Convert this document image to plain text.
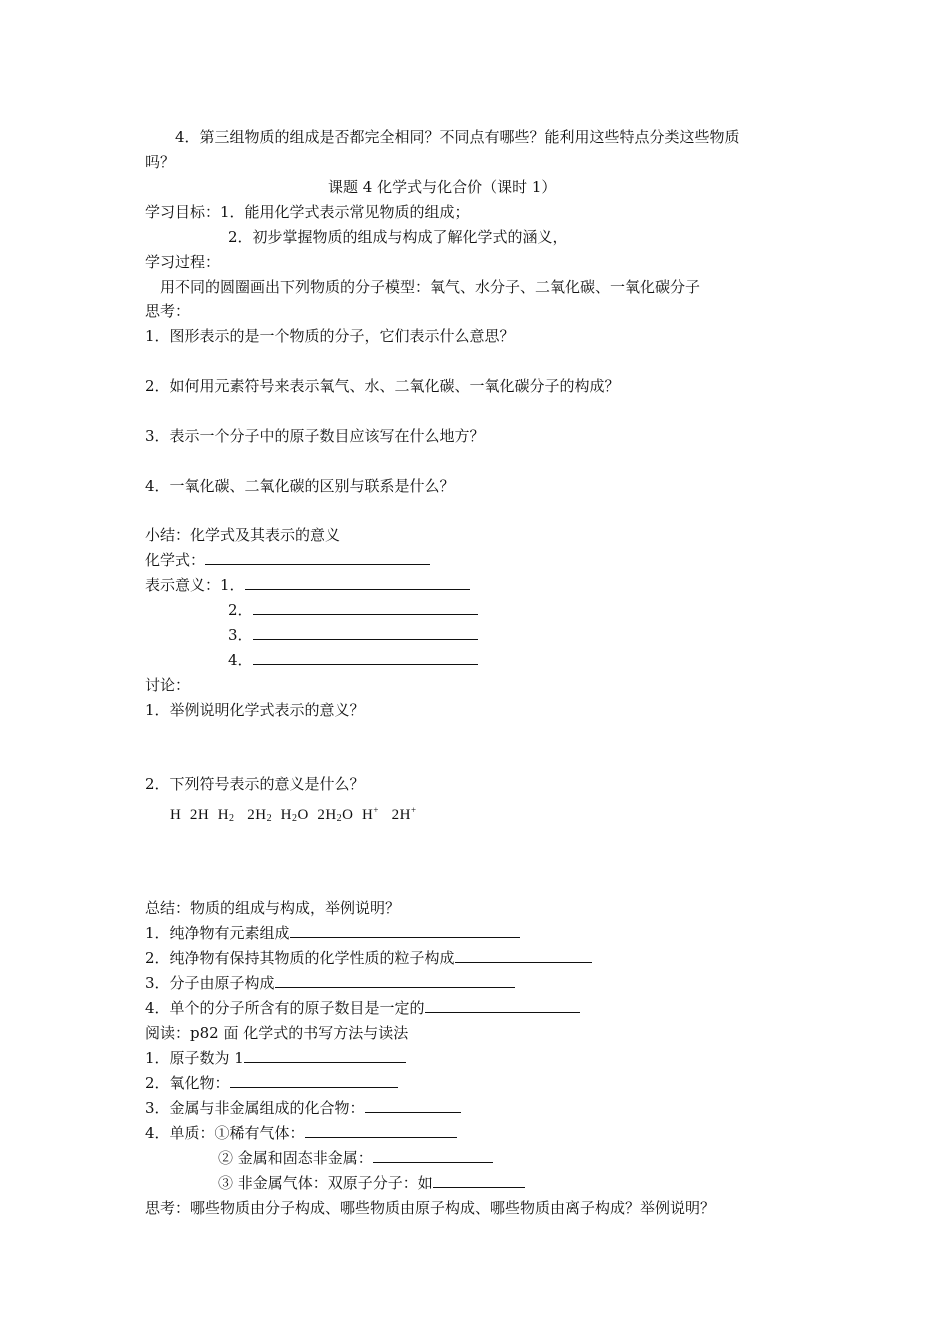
4．第三组物质的组成是否都完全相同？不同点有哪些？能利用这些特点分类这些物质
吗？
课题 4 化学式与化合价（课时 1）
学习目标：1．能用化学式表示常见物质的组成；
2．初步掌握物质的组成与构成了解化学式的涵义，
学习过程：
用不同的圆圈画出下列物质的分子模型：氧气、水分子、二氧化碳、一氧化碳分子
思考：
1．图形表示的是一个物质的分子，它们表示什么意思？
2．如何用元素符号来表示氧气、水、二氧化碳、一氧化碳分子的构成？
3．表示一个分子中的原子数目应该写在什么地方？
4．一氧化碳、二氧化碳的区别与联系是什么？
小结：化学式及其表示的意义
化学式：
表示意义：1．
2．
3．
4．
讨论：
1．举例说明化学式表示的意义？
2．下列符号表示的意义是什么？
H 2H $H_2$ $2H_2$ $H_2O$ $2H_2O$ H+ 2H+
总结：物质的组成与构成，举例说明？
1．纯净物有元素组成
2．纯净物有保持其物质的化学性质的粒子构成
3．分子由原子构成
4．单个的分子所含有的原子数目是一定的
阅读：p82 面 化学式的书写方法与读法
1．原子数为 1
2．氧化物：
3．金属与非金属组成的化合物：
4．单质：①稀有气体：
② 金属和固态非金属：
③ 非金属气体：双原子分子：如
思考：哪些物质由分子构成、哪些物质由原子构成、哪些物质由离子构成？举例说明？
